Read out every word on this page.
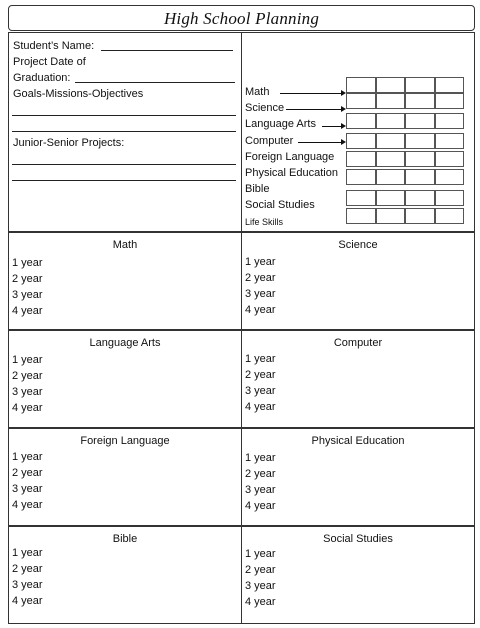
High School Planning
Student’s Name:
Project Date of
Graduation:
Goals-Missions-Objectives
Junior-Senior Projects:
Math
Science
Language Arts
Computer
Foreign Language
Physical Education
Bible
Social Studies
Life Skills
Math
1 year
2 year
3 year
4 year
Science
1 year
2 year
3 year
4 year
Language Arts
1 year
2 year
3 year
4 year
Computer
1 year
2 year
3 year
4 year
Foreign Language
1 year
2 year
3 year
4 year
Physical Education
1 year
2 year
3 year
4 year
Bible
1 year
2 year
3 year
4 year
Social Studies
1 year
2 year
3 year
4 year
